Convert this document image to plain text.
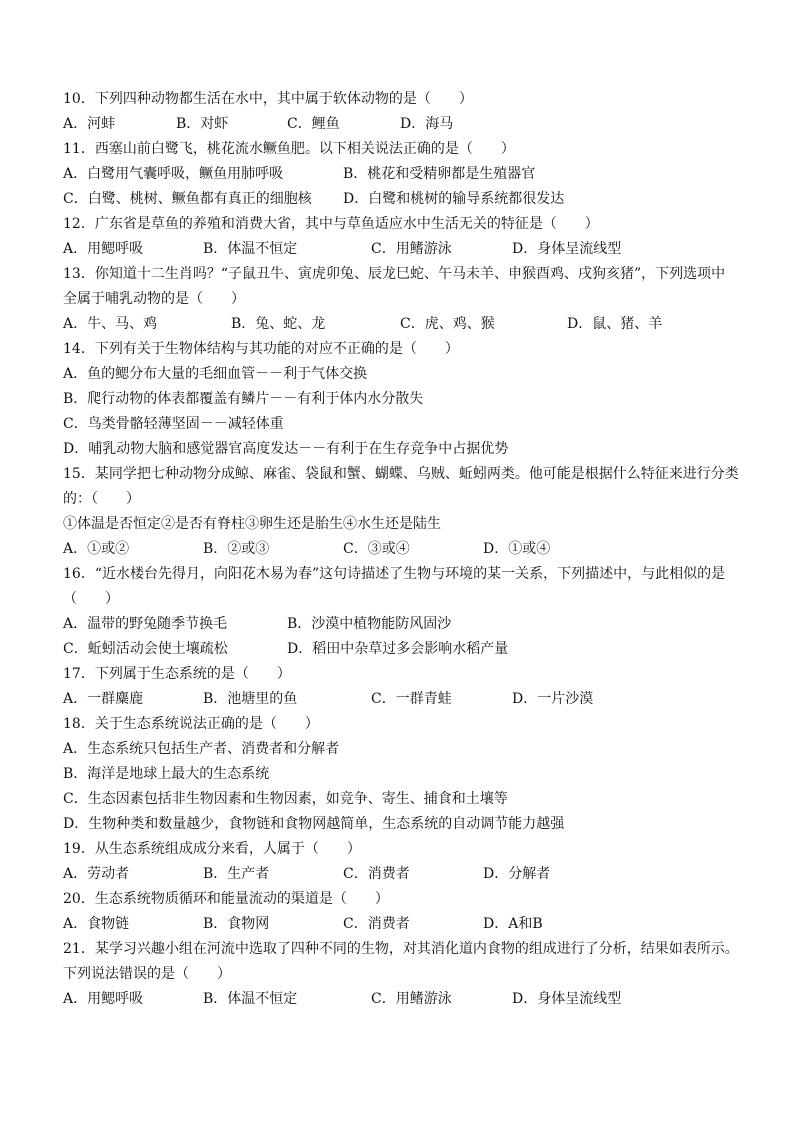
10．下列四种动物都生活在水中，其中属于软体动物的是（　　）
A．河蚌	B．对虾	C．鲤鱼	D．海马
11．西塞山前白鹭飞，桃花流水鳜鱼肥。以下相关说法正确的是（　　）
A．白鹭用气囊呼吸，鳜鱼用肺呼吸	B．桃花和受精卵都是生殖器官
C．白鹭、桃树、鳜鱼都有真正的细胞核 D．白鹭和桃树的输导系统都很发达
12．广东省是草鱼的养殖和消费大省，其中与草鱼适应水中生活无关的特征是（　　）
A．用鳃呼吸	B．体温不恒定	C．用鳍游泳	D．身体呈流线型
13．你知道十二生肖吗？“子鼠丑牛、寅虎卯兔、辰龙巳蛇、午马未羊、申猴酉鸡、戌狗亥猪”，下列选项中
全属于哺乳动物的是（　　）
A．牛、马、鸡	B．兔、蛇、龙	C．虎、鸡、猴	D．鼠、猪、羊
14．下列有关于生物体结构与其功能的对应不正确的是（　　）
A．鱼的鳃分布大量的毛细血管－－利于气体交换
B．爬行动物的体表都覆盖有鳞片－－有利于体内水分散失
C．鸟类骨骼轻薄坚固－－减轻体重
D．哺乳动物大脑和感觉器官高度发达－－有利于在生存竞争中占据优势
15．某同学把七种动物分成鲸、麻雀、袋鼠和蟹、蝴蝶、乌贼、蚯蚓两类。他可能是根据什么特征来进行分类
的：（　　）
①体温是否恒定②是否有脊柱③卵生还是胎生④水生还是陆生
A．①或②	B．②或③	C．③或④	D．①或④
16．“近水楼台先得月，向阳花木易为春”这句诗描述了生物与环境的某一关系，下列描述中，与此相似的是
（　　）
A．温带的野兔随季节换毛	B．沙漠中植物能防风固沙
C．蚯蚓活动会使土壤疏松	D．稻田中杂草过多会影响水稻产量
17．下列属于生态系统的是（　　）
A．一群麋鹿	B．池塘里的鱼	C．一群青蛙	D．一片沙漠
18．关于生态系统说法正确的是（　　）
A．生态系统只包括生产者、消费者和分解者
B．海洋是地球上最大的生态系统
C．生态因素包括非生物因素和生物因素，如竞争、寄生、捕食和土壤等
D．生物种类和数量越少，食物链和食物网越简单，生态系统的自动调节能力越强
19．从生态系统组成成分来看，人属于（　　）
A．劳动者	B．生产者	C．消费者	D．分解者
20．生态系统物质循环和能量流动的渠道是（　　）
A．食物链	B．食物网	C．消费者	D．A和B
21．某学习兴趣小组在河流中选取了四种不同的生物，对其消化道内食物的组成进行了分析，结果如表所示。
下列说法错误的是（　　）
A．用鳃呼吸	B．体温不恒定	C．用鳍游泳	D．身体呈流线型
